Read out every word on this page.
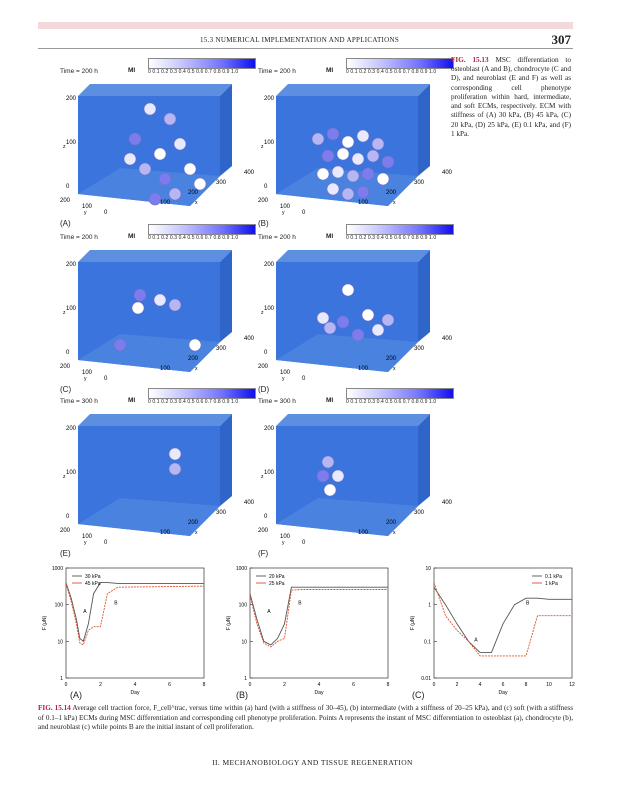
15.3 NUMERICAL IMPLEMENTATION AND APPLICATIONS	307
Time = 200 h	MI	0 0.1 0.2 0.3 0.4 0.5 0.6 0.7 0.8 0.9 1.0
(A)
0
100
200
200
100
0
100
200
300
400
z
y
x
Time = 200 h	MI	0 0.1 0.2 0.3 0.4 0.5 0.6 0.7 0.8 0.9 1.0
(B)
0
100
200
200
100
0
100
200
300
400
z
y
x
Time = 200 h	MI	0 0.1 0.2 0.3 0.4 0.5 0.6 0.7 0.8 0.9 1.0
(C)
0
100
200
200
100
0
100
200
300
400
z
y
x
Time = 200 h	MI	0 0.1 0.2 0.3 0.4 0.5 0.6 0.7 0.8 0.9 1.0
(D)
0
100
200
200
100
0
100
200
300
400
z
y
x
Time = 300 h	MI	0 0.1 0.2 0.3 0.4 0.5 0.6 0.7 0.8 0.9 1.0
(E)
0
100
200
200
100
0
100
200
300
400
z
y
x
Time = 300 h	MI	0 0.1 0.2 0.3 0.4 0.5 0.6 0.7 0.8 0.9 1.0
(F)
0
100
200
200
100
0
100
200
300
400
z
y
x
FIG. 15.13 MSC differentiation to osteoblast (A and B), chondrocyte (C and D), and neuroblast (E and F) as well as corresponding cell phenotype proliferation within hard, intermediate, and soft ECMs, respectively. ECM with stiffness of (A) 30 kPa, (B) 45 kPa, (C) 20 kPa, (D) 25 kPa, (E) 0.1 kPa, and (F) 1 kPa.
1
10
100
1000
0	2	4	6	8
Day
F (μN)
30 kPa
45 kPa
A
B
1
10
100
1000
0	2	4	6	8
Day
F (μN)
20 kPa
25 kPa
A
B
0.01
0.1
1
10
0	2	4	6	8	10	12
Day
F (μN)
0.1 kPa
1 kPa
A
B
(A)	(B)	(C)
FIG. 15.14 Average cell traction force, F_cell^trac, versus time within (a) hard (with a stiffness of 30–45), (b) intermediate (with a stiffness of 20–25 kPa), and (c) soft (with a stiffness of 0.1–1 kPa) ECMs during MSC differentiation and corresponding cell phenotype proliferation. Points A represents the instant of MSC differentiation to osteoblast (a), chondrocyte (b), and neuroblast (c) while points B are the initial instant of cell proliferation.
II. MECHANOBIOLOGY AND TISSUE REGENERATION
